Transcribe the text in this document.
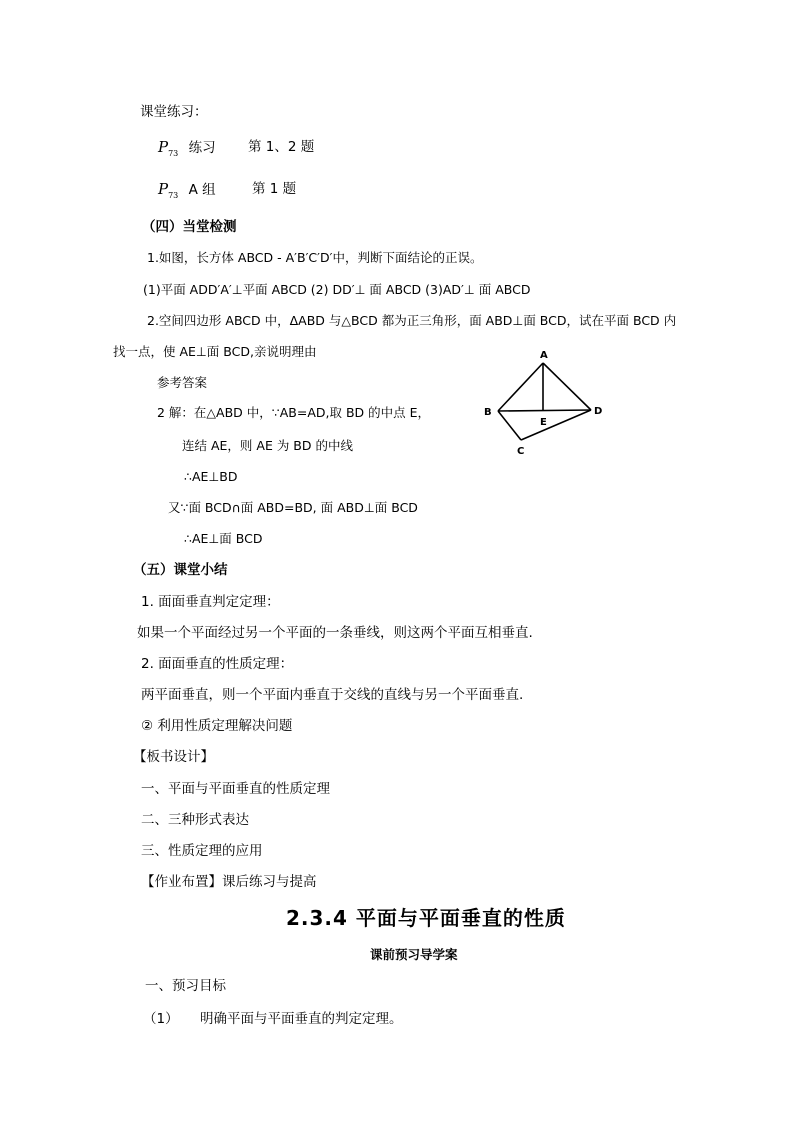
课堂练习：
$P_{73}$ 练习 第 1、2 题
$P_{73}$ A 组	第 1 题
（四）当堂检测
1.如图，长方体 ABCD - A′B′C′D′中，判断下面结论的正误。
(1)平面 ADD′A′⊥平面 ABCD (2) DD′⊥ 面 ABCD (3)AD′⊥ 面 ABCD
2.空间四边形 ABCD 中，ΔABD 与△BCD 都为正三角形，面 ABD⊥面 BCD，试在平面 BCD 内
找一点，使 AE⊥面 BCD,亲说明理由
参考答案
2 解：在△ABD 中，∵AB=AD,取 BD 的中点 E，
连结 AE，则 AE 为 BD 的中线
∴AE⊥BD
又∵面 BCD∩面 ABD=BD, 面 ABD⊥面 BCD
∴AE⊥面 BCD
A
B	D
E
C
（五）课堂小结
1. 面面垂直判定定理：
如果一个平面经过另一个平面的一条垂线，则这两个平面互相垂直.
2. 面面垂直的性质定理：
两平面垂直，则一个平面内垂直于交线的直线与另一个平面垂直.
② 利用性质定理解决问题
【板书设计】
一、平面与平面垂直的性质定理
二、三种形式表达
三、性质定理的应用
【作业布置】课后练习与提高
2.3.4 平面与平面垂直的性质
课前预习导学案
一、预习目标
（1） 明确平面与平面垂直的判定定理。
